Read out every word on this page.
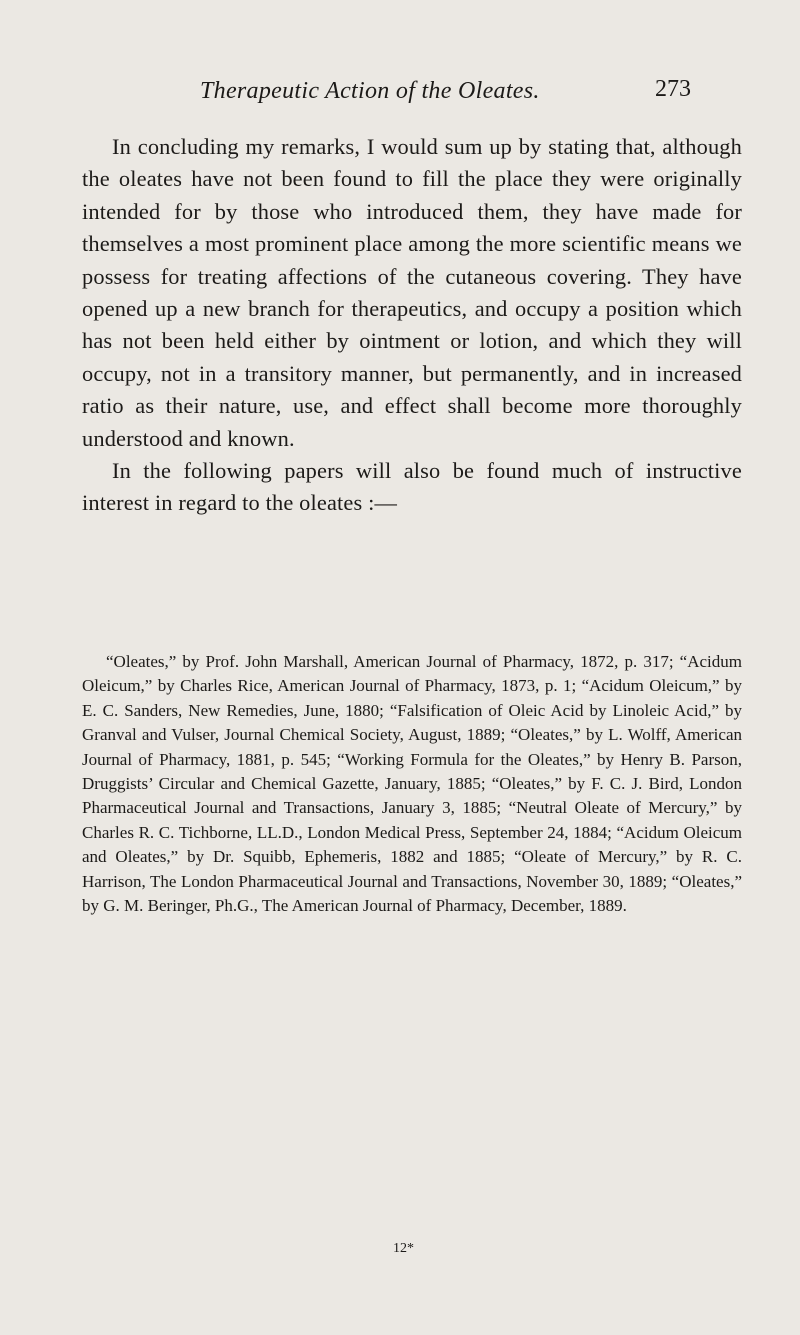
Therapeutic Action of the Oleates.	273

In concluding my remarks, I would sum up by stating that, although the oleates have not been found to fill the place they were originally intended for by those who introduced them, they have made for themselves a most prominent place among the more scientific means we possess for treating affections of the cutaneous covering. They have opened up a new branch for therapeutics, and occupy a position which has not been held either by ointment or lotion, and which they will occupy, not in a transitory manner, but permanently, and in increased ratio as their nature, use, and effect shall become more thoroughly understood and known.

In the following papers will also be found much of instructive interest in regard to the oleates :—

“Oleates,” by Prof. John Marshall, American Journal of Pharmacy, 1872, p. 317; “Acidum Oleicum,” by Charles Rice, American Journal of Pharmacy, 1873, p. 1; “Acidum Oleicum,” by E. C. Sanders, New Remedies, June, 1880; “Falsification of Oleic Acid by Linoleic Acid,” by Granval and Vulser, Journal Chemical Society, August, 1889; “Oleates,” by L. Wolff, American Journal of Pharmacy, 1881, p. 545; “Working Formula for the Oleates,” by Henry B. Parson, Druggists’ Circular and Chemical Gazette, January, 1885; “Oleates,” by F. C. J. Bird, London Pharmaceutical Journal and Transactions, January 3, 1885; “Neutral Oleate of Mercury,” by Charles R. C. Tichborne, LL.D., London Medical Press, September 24, 1884; “Acidum Oleicum and Oleates,” by Dr. Squibb, Ephemeris, 1882 and 1885; “Oleate of Mercury,” by R. C. Harrison, The London Pharmaceutical Journal and Transactions, November 30, 1889; “Oleates,” by G. M. Beringer, Ph.G., The American Journal of Pharmacy, December, 1889.

12*
